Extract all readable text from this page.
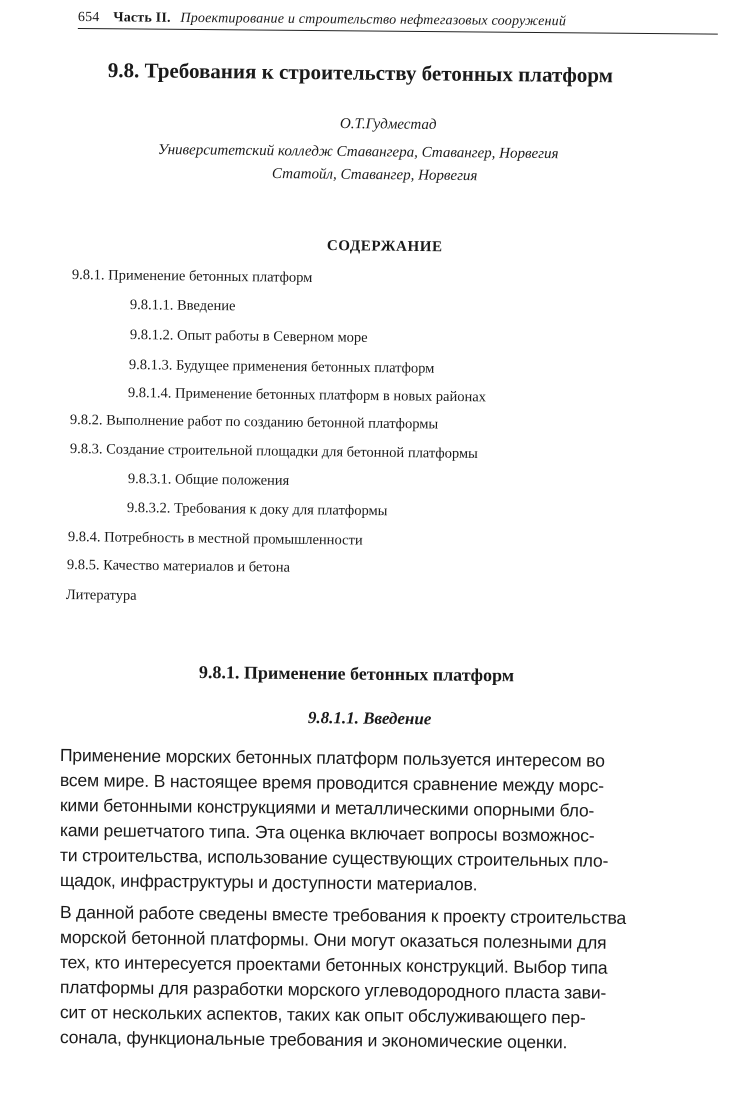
654 Часть II. Проектирование и строительство нефтегазовых сооружений
9.8. Требования к строительству бетонных платформ
О.Т.Гудместад
Университетский колледж Ставангера, Ставангер, Норвегия
Статойл, Ставангер, Норвегия
СОДЕРЖАНИЕ
9.8.1. Применение бетонных платформ
9.8.1.1. Введение
9.8.1.2. Опыт работы в Северном море
9.8.1.3. Будущее применения бетонных платформ
9.8.1.4. Применение бетонных платформ в новых районах
9.8.2. Выполнение работ по созданию бетонной платформы
9.8.3. Создание строительной площадки для бетонной платформы
9.8.3.1. Общие положения
9.8.3.2. Требования к доку для платформы
9.8.4. Потребность в местной промышленности
9.8.5. Качество материалов и бетона
Литература
9.8.1. Применение бетонных платформ
9.8.1.1. Введение
Применение морских бетонных платформ пользуется интересом во
всем мире. В настоящее время проводится сравнение между морс-
кими бетонными конструкциями и металлическими опорными бло-
ками решетчатого типа. Эта оценка включает вопросы возможнос-
ти строительства, использование существующих строительных пло-
щадок, инфраструктуры и доступности материалов.
В данной работе сведены вместе требования к проекту строительства
морской бетонной платформы. Они могут оказаться полезными для
тех, кто интересуется проектами бетонных конструкций. Выбор типа
платформы для разработки морского углеводородного пласта зави-
сит от нескольких аспектов, таких как опыт обслуживающего пер-
сонала, функциональные требования и экономические оценки.
